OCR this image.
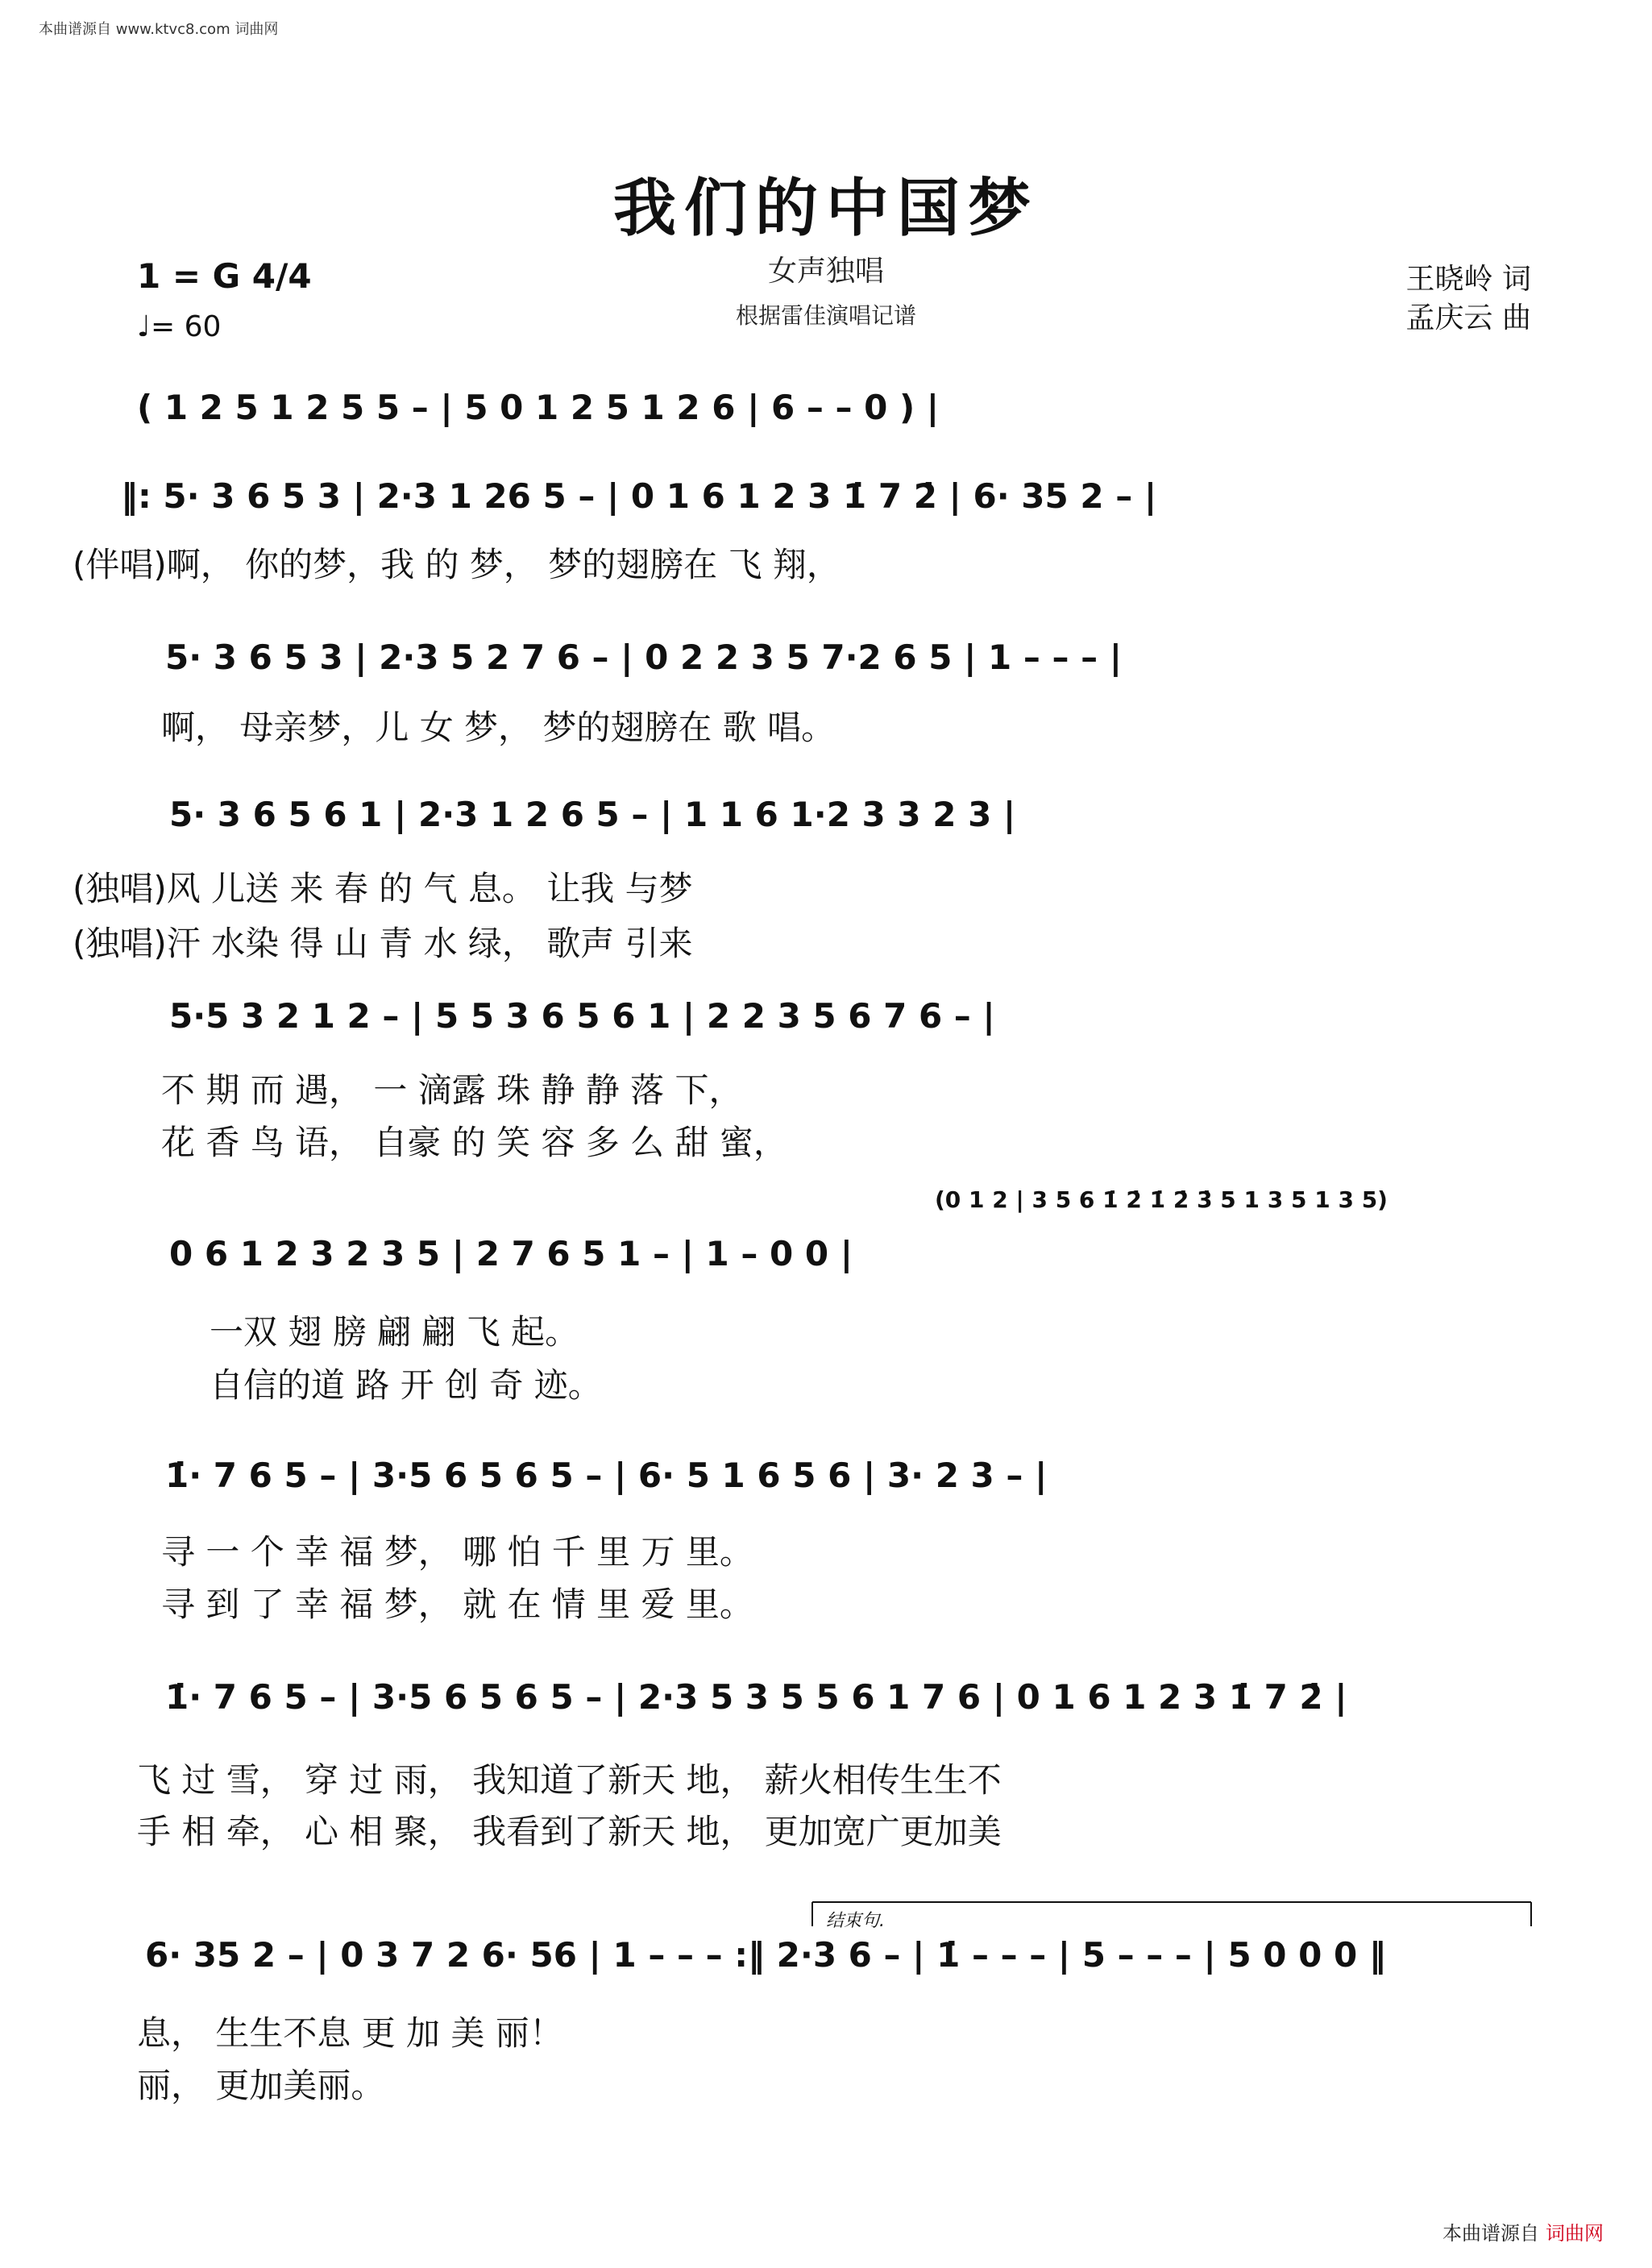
本曲谱源自 www.ktvc8.com 词曲网
我们的中国梦
女声独唱
根据雷佳演唱记谱
1 = G 4/4
♩= 60
王晓岭 词
孟庆云 曲
( 1 2 5 1 2 5 5 – | 5 0 1 2 5 1 2 6 | 6 – – 0 ) |
‖: 5· 3 6 5 3 | 2·3 1 26 5 – | 0 1 6 1 2 3 1̇ 7 2̇ | 6· 35 2 – |
(伴唱)啊， 你的梦，我 的 梦， 梦的翅膀在 飞 翔，
5· 3 6 5 3 | 2·3 5 2 7 6 – | 0 2 2 3 5 7·2 6 5 | 1 – – – |
啊， 母亲梦，儿 女 梦， 梦的翅膀在 歌 唱。
5· 3 6 5 6 1 | 2·3 1 2 6 5 – | 1 1 6 1·2 3 3 2 3 |
(独唱)风 儿送 来 春 的 气 息。 让我 与梦
(独唱)汗 水染 得 山 青 水 绿， 歌声 引来
5·5 3 2 1 2 – | 5 5 3 6 5 6 1 | 2 2 3 5 6 7 6 – |
不 期 而 遇， 一 滴露 珠 静 静 落 下，
花 香 鸟 语， 自豪 的 笑 容 多 么 甜 蜜，
(0 1 2 | 3 5 6 1̇ 2̇ 1̇ 2̇ 3̇ 5 1 3 5 1 3 5)
0 6 1 2 3 2 3 5 | 2 7 6 5 1 – | 1 – 0 0 |
一双 翅 膀 翩 翩 飞 起。
自信的道 路 开 创 奇 迹。
1̇· 7 6 5 – | 3·5 6 5 6 5 – | 6· 5 1 6 5 6 | 3· 2 3 – |
寻 一 个 幸 福 梦， 哪 怕 千 里 万 里。
寻 到 了 幸 福 梦， 就 在 情 里 爱 里。
1̇· 7 6 5 – | 3·5 6 5 6 5 – | 2·3 5 3 5 5 6 1 7 6 | 0 1 6 1 2 3 1̇ 7 2̇ |
飞 过 雪， 穿 过 雨， 我知道了新天 地， 薪火相传生生不
手 相 牵， 心 相 聚， 我看到了新天 地， 更加宽广更加美
结束句.
6· 35 2 – | 0 3 7 2 6· 56 | 1 – – – :‖ 2·3 6 – | 1̇ – – – | 5 – – – | 5 0 0 0 ‖
息， 生生不息 更 加 美 丽！
丽， 更加美丽。
本曲谱源自 词曲网
